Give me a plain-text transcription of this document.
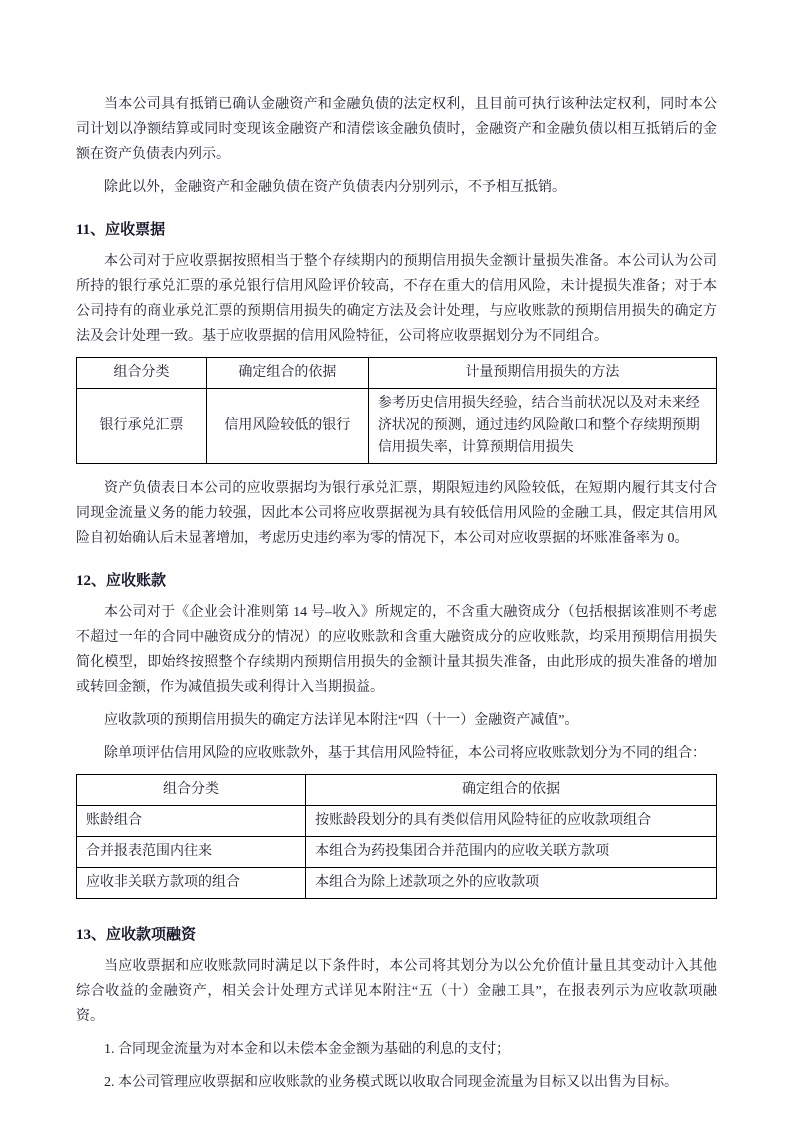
当本公司具有抵销已确认金融资产和金融负债的法定权利，且目前可执行该种法定权利，同时本公司计划以净额结算或同时变现该金融资产和清偿该金融负债时，金融资产和金融负债以相互抵销后的金额在资产负债表内列示。

除此以外，金融资产和金融负债在资产负债表内分别列示，不予相互抵销。

11、应收票据

本公司对于应收票据按照相当于整个存续期内的预期信用损失金额计量损失准备。本公司认为公司所持的银行承兑汇票的承兑银行信用风险评价较高，不存在重大的信用风险，未计提损失准备；对于本公司持有的商业承兑汇票的预期信用损失的确定方法及会计处理，与应收账款的预期信用损失的确定方法及会计处理一致。基于应收票据的信用风险特征，公司将应收票据划分为不同组合。

组合分类	确定组合的依据	计量预期信用损失的方法
银行承兑汇票	信用风险较低的银行	参考历史信用损失经验，结合当前状况以及对未来经济状况的预测，通过违约风险敞口和整个存续期预期信用损失率，计算预期信用损失

资产负债表日本公司的应收票据均为银行承兑汇票，期限短违约风险较低，在短期内履行其支付合同现金流量义务的能力较强，因此本公司将应收票据视为具有较低信用风险的金融工具，假定其信用风险自初始确认后未显著增加，考虑历史违约率为零的情况下，本公司对应收票据的坏账准备率为 0。

12、应收账款

本公司对于《企业会计准则第 14 号–收入》所规定的，不含重大融资成分（包括根据该准则不考虑不超过一年的合同中融资成分的情况）的应收账款和含重大融资成分的应收账款，均采用预期信用损失简化模型，即始终按照整个存续期内预期信用损失的金额计量其损失准备，由此形成的损失准备的增加或转回金额，作为减值损失或利得计入当期损益。

应收款项的预期信用损失的确定方法详见本附注“四（十一）金融资产减值”。

除单项评估信用风险的应收账款外，基于其信用风险特征，本公司将应收账款划分为不同的组合：

组合分类	确定组合的依据
账龄组合	按账龄段划分的具有类似信用风险特征的应收款项组合
合并报表范围内往来	本组合为药投集团合并范围内的应收关联方款项
应收非关联方款项的组合	本组合为除上述款项之外的应收款项
13、应收款项融资

当应收票据和应收账款同时满足以下条件时，本公司将其划分为以公允价值计量且其变动计入其他综合收益的金融资产，相关会计处理方式详见本附注“五（十）金融工具”，在报表列示为应收款项融资。

1. 合同现金流量为对本金和以未偿本金金额为基础的利息的支付；

2. 本公司管理应收票据和应收账款的业务模式既以收取合同现金流量为目标又以出售为目标。
